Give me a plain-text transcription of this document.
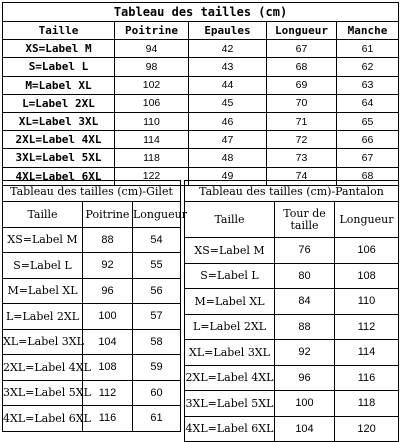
Tableau des tailles (cm)				
Taille	Poitrine	Epaules	Longueur	Manche
XS=Label M	94	42	67	61
S=Label L	98	43	68	62
M=Label XL	102	44	69	63
L=Label 2XL	106	45	70	64
XL=Label 3XL	110	46	71	65
2XL=Label 4XL	114	47	72	66
3XL=Label 5XL	118	48	73	67
4XL=Label 6XL	122	49	74	68
Tableau des tailles (cm)-Gilet		
Taille	Poitrine	Longueur
XS=Label M	88	54
S=Label L	92	55
M=Label XL	96	56
L=Label 2XL	100	57
XL=Label 3XL	104	58
2XL=Label 4XL	108	59
3XL=Label 5XL	112	60
4XL=Label 6XL	116	61
Tableau des tailles (cm)-Pantalon		
Taille	Tour de taille	Longueur
XS=Label M	76	106
S=Label L	80	108
M=Label XL	84	110
L=Label 2XL	88	112
XL=Label 3XL	92	114
2XL=Label 4XL	96	116
3XL=Label 5XL	100	118
4XL=Label 6XL	104	120
